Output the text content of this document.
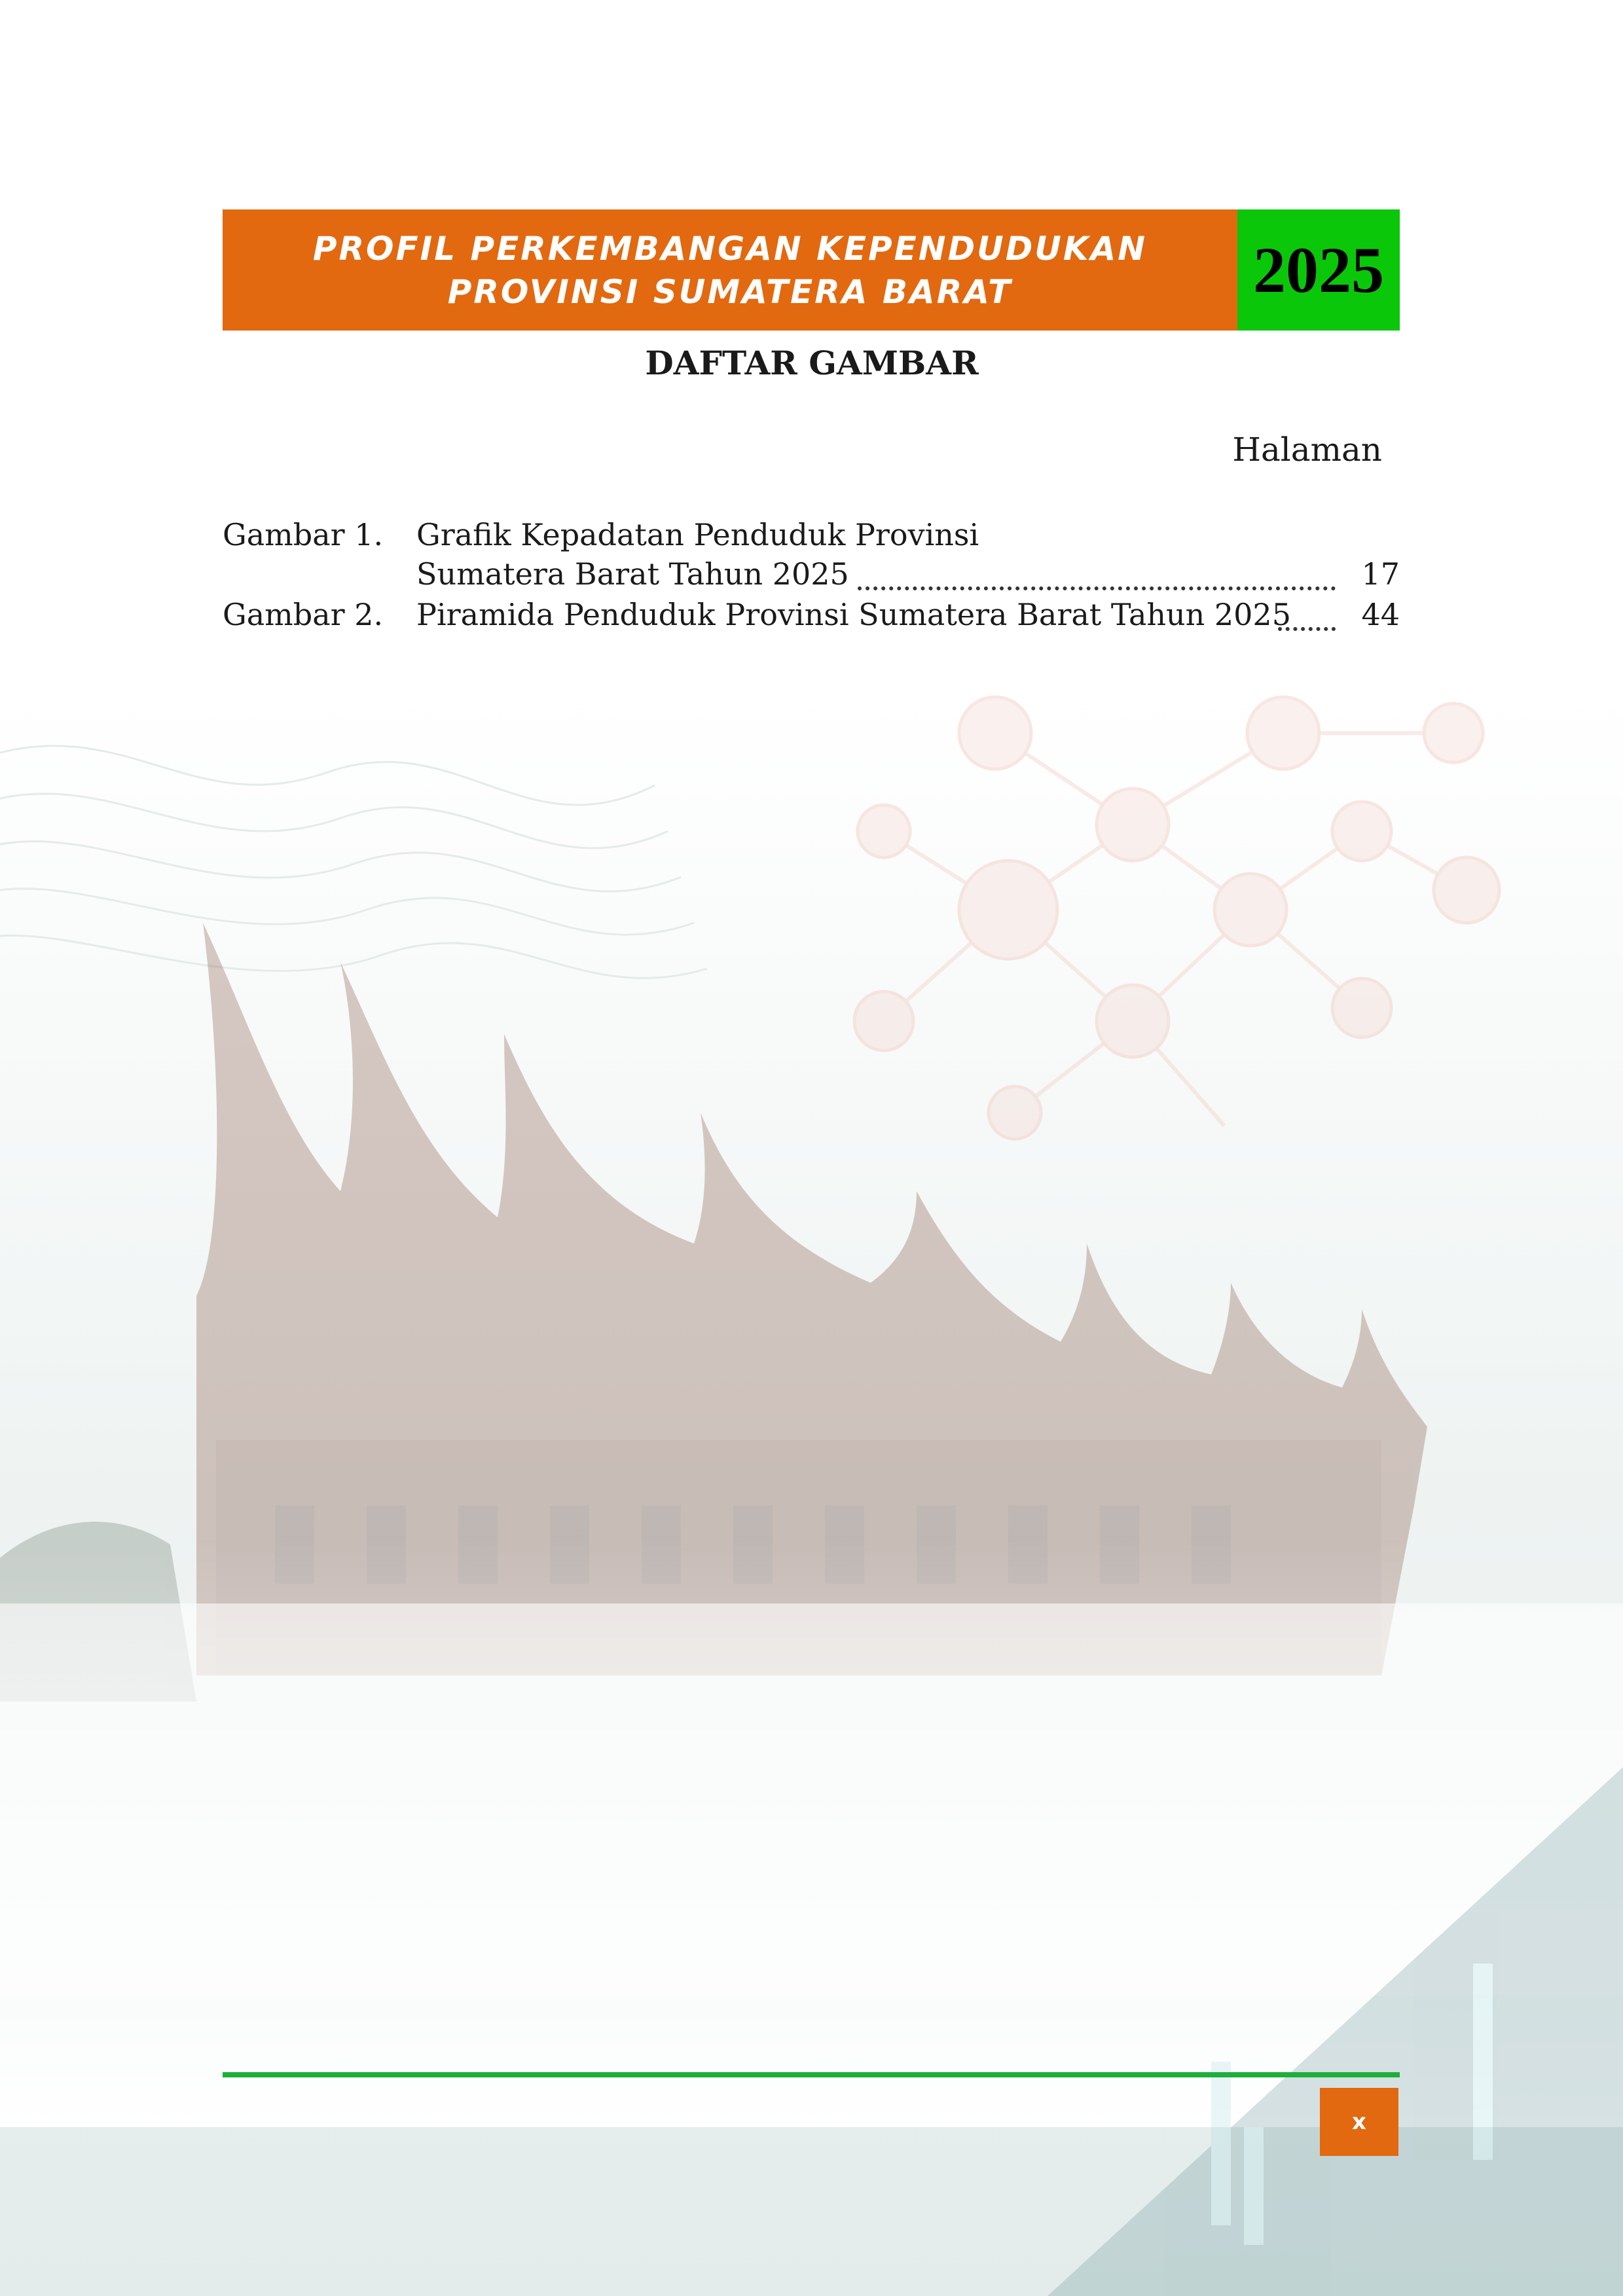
PROFIL PERKEMBANGAN KEPENDUDUKAN
PROVINSI SUMATERA BARAT	2025
DAFTAR GAMBAR
Halaman
Gambar 1. Grafik Kepadatan Penduduk Provinsi
Sumatera Barat Tahun 2025	17
Gambar 2. Piramida Penduduk Provinsi Sumatera Barat Tahun 2025 44
x
